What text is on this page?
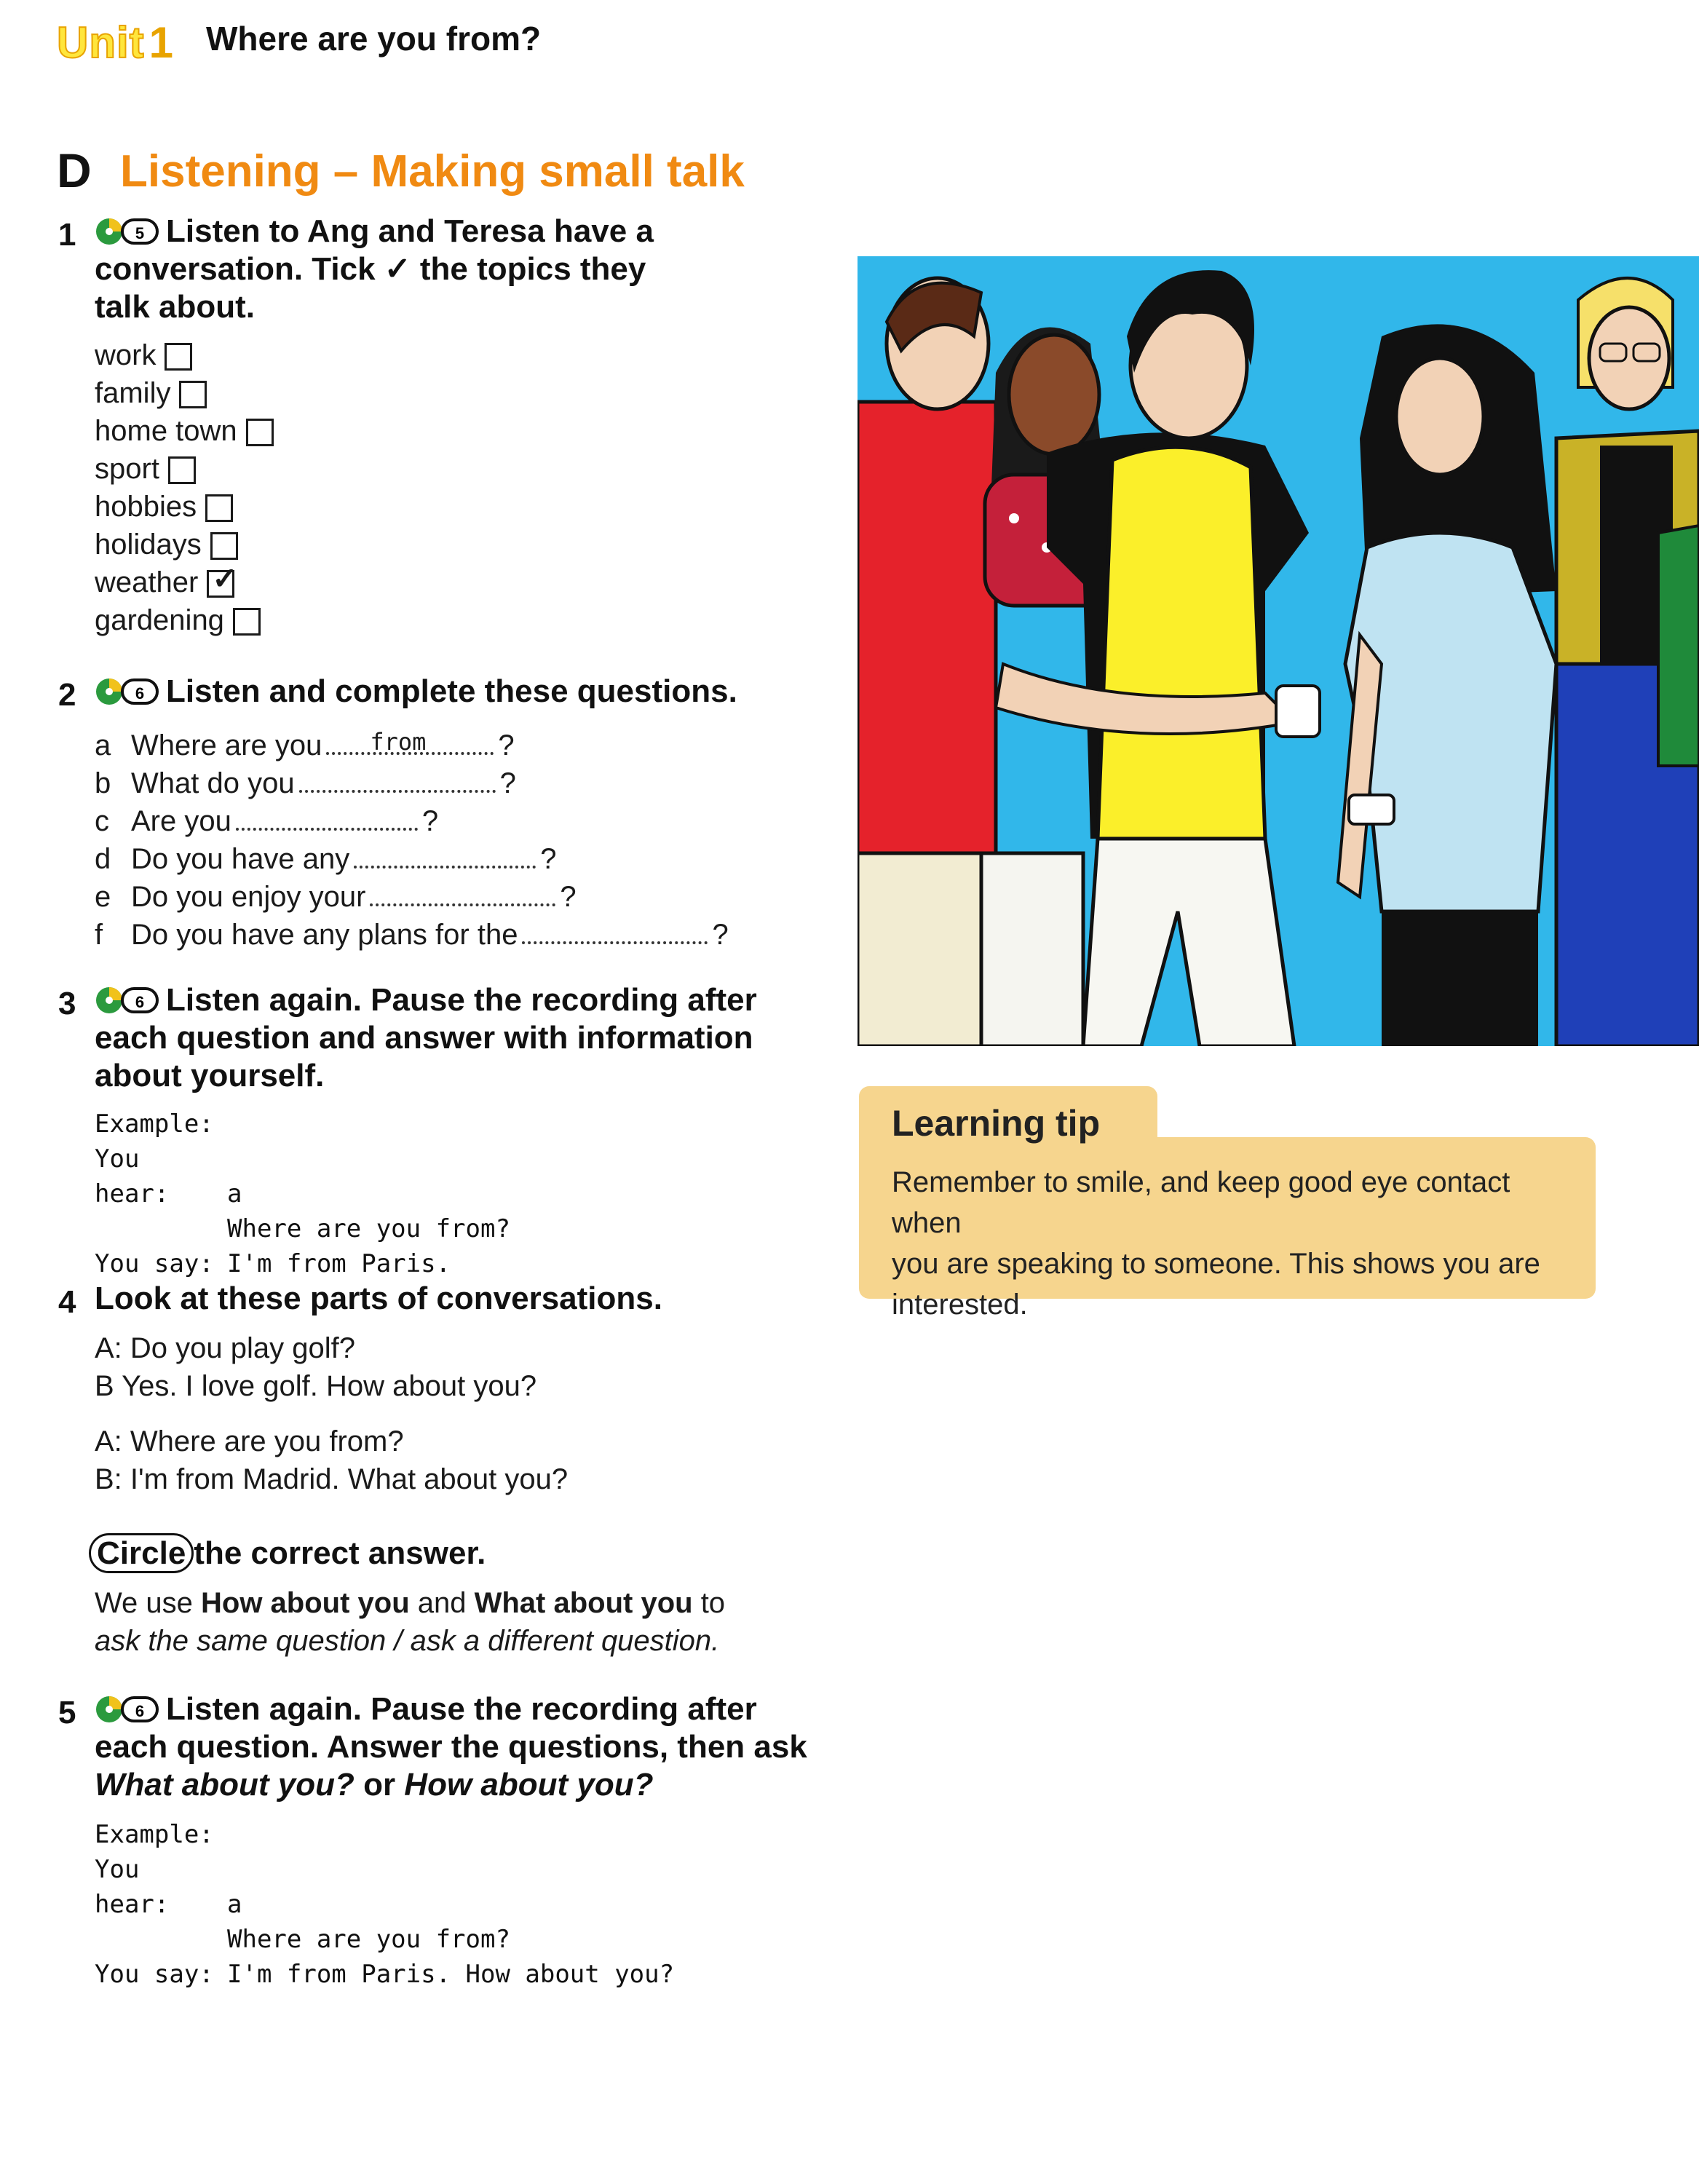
Unit 1 Where are you from?
D Listening – Making small talk
1	5 Listen to Ang and Teresa have a
conversation. Tick ✓ the topics they
talk about.
work
family
home town
sport
hobbies
holidays
weather ✓
gardening
2	6 Listen and complete these questions.
a Where are you from ?
b What do you	?
c Are you	?
d Do you have any	?
e Do you enjoy your	?
f Do you have any plans for the	?
3	6 Listen again. Pause the recording after
each question and answer with information
about yourself.
Example:
You hear: a
Where are you from?
You say: I'm from Paris.
4 Look at these parts of conversations.
A: Do you play golf?
B Yes. I love golf. How about you?
A: Where are you from?
B: I'm from Madrid. What about you?
Circle the correct answer.
We use How about you and What about you to
ask the same question / ask a different question.
5	6 Listen again. Pause the recording after
each question. Answer the questions, then ask
What about you? or How about you?
Example:
You hear: a
Where are you from?
You say: I'm from Paris. How about you?
Learning tip
Remember to smile, and keep good eye contact when
you are speaking to someone. This shows you are
interested.
